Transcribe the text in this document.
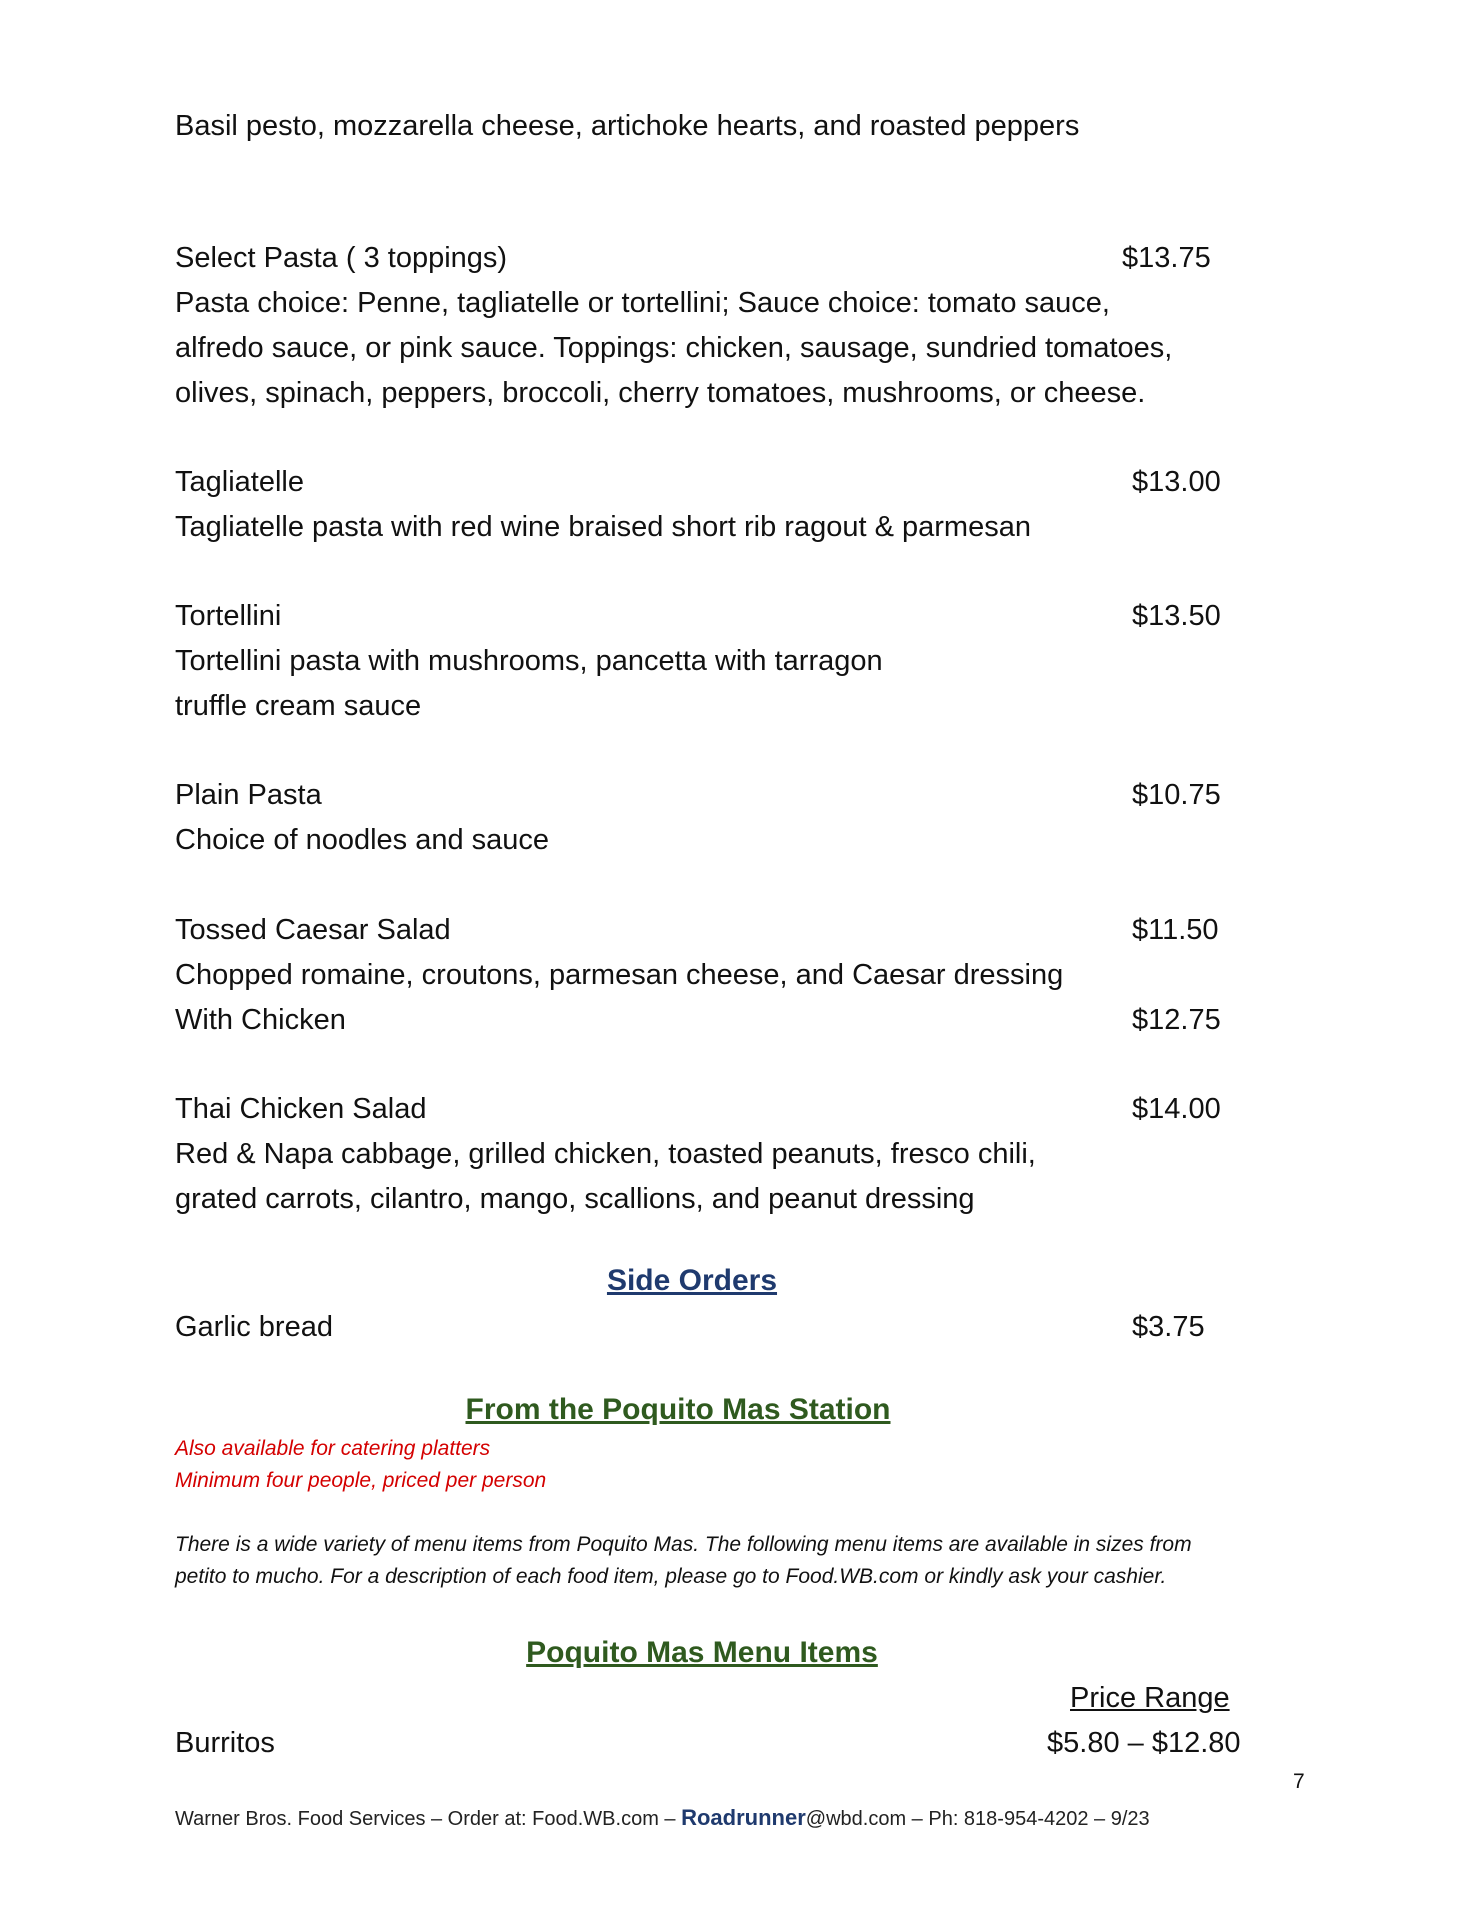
Basil pesto, mozzarella cheese, artichoke hearts, and roasted peppers
Select Pasta ( 3 toppings)	$13.75
Pasta choice: Penne, tagliatelle or tortellini; Sauce choice: tomato sauce,
alfredo sauce, or pink sauce. Toppings: chicken, sausage, sundried tomatoes,
olives, spinach, peppers, broccoli, cherry tomatoes, mushrooms, or cheese.
Tagliatelle	$13.00
Tagliatelle pasta with red wine braised short rib ragout & parmesan
Tortellini	$13.50
Tortellini pasta with mushrooms, pancetta with tarragon
truffle cream sauce
Plain Pasta	$10.75
Choice of noodles and sauce
Tossed Caesar Salad	$11.50
Chopped romaine, croutons, parmesan cheese, and Caesar dressing
With Chicken	$12.75
Thai Chicken Salad	$14.00
Red & Napa cabbage, grilled chicken, toasted peanuts, fresco chili,
grated carrots, cilantro, mango, scallions, and peanut dressing
Side Orders
Garlic bread	$3.75
From the Poquito Mas Station
Also available for catering platters
Minimum four people, priced per person
There is a wide variety of menu items from Poquito Mas. The following menu items are available in sizes from
petito to mucho. For a description of each food item, please go to Food.WB.com or kindly ask your cashier.
Poquito Mas Menu Items
Price Range
Burritos	$5.80 – $12.80
7
Warner Bros. Food Services – Order at: Food.WB.com – Roadrunner@wbd.com – Ph: 818-954-4202 – 9/23
